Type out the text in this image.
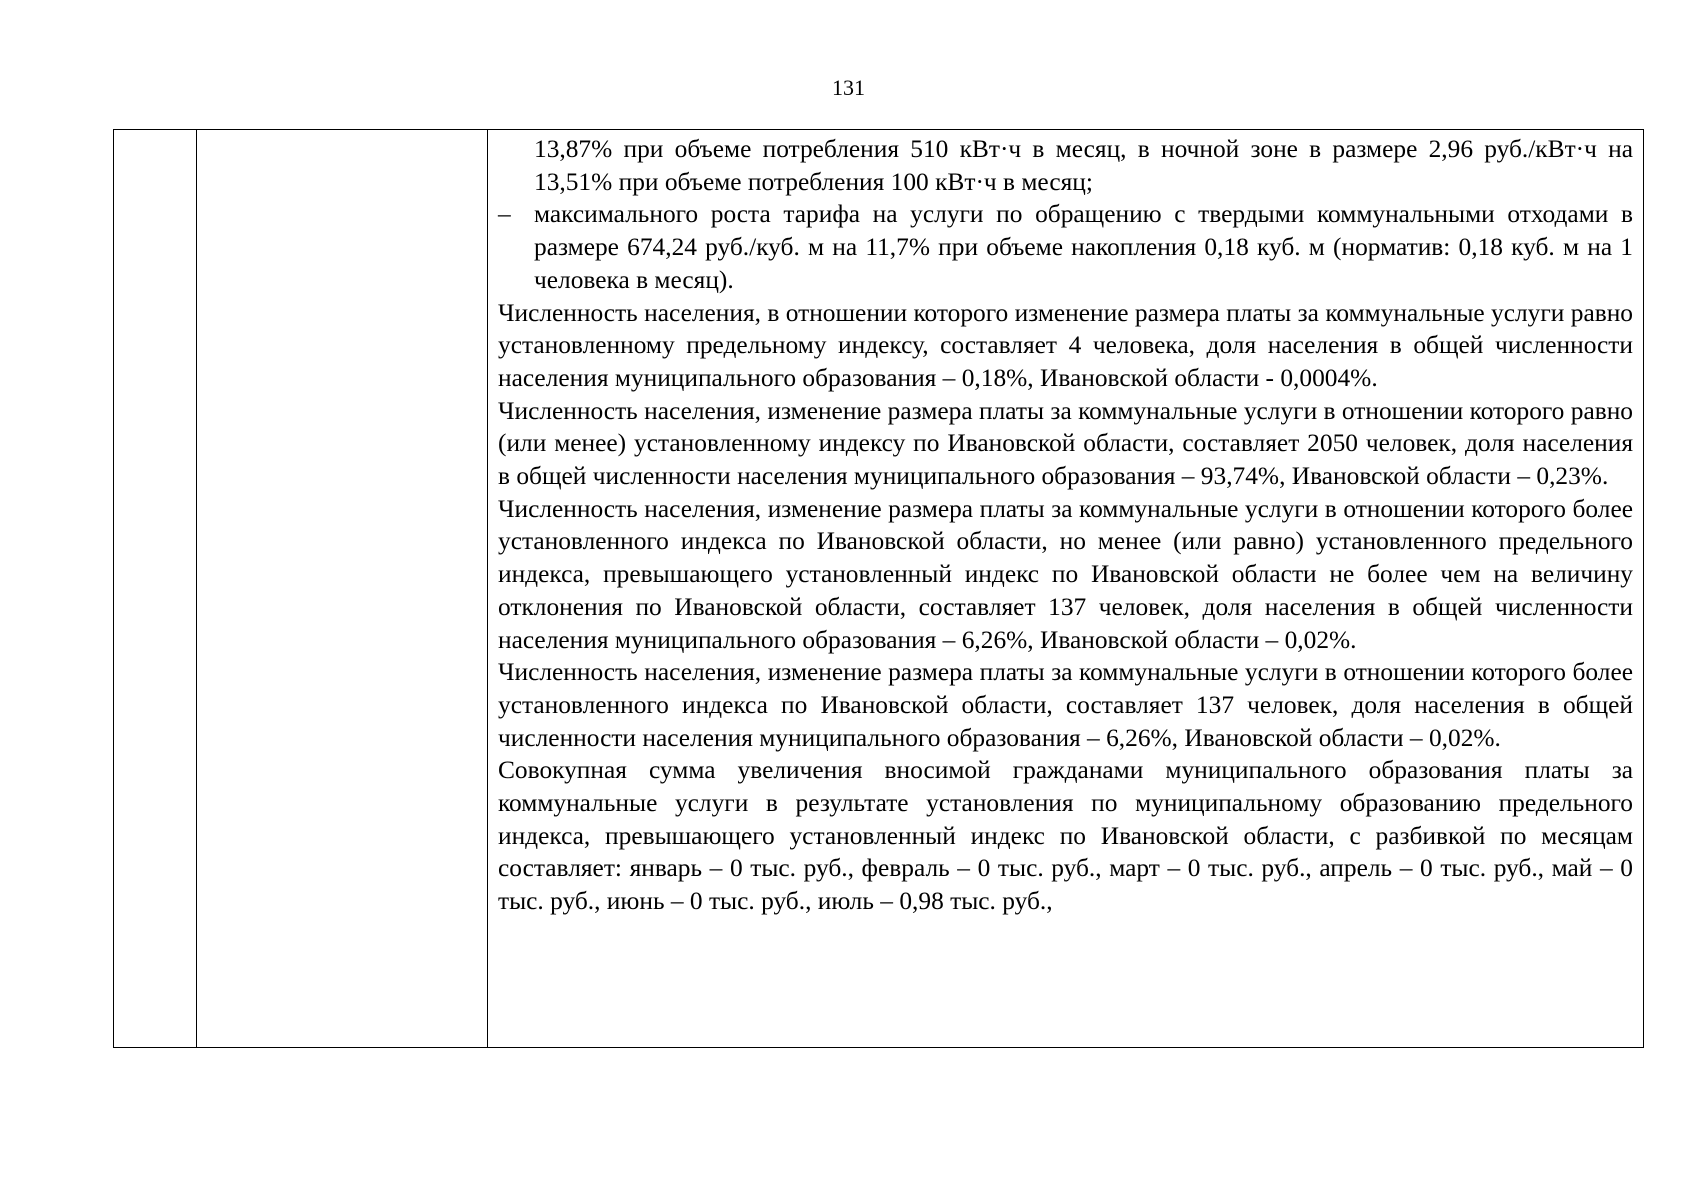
131

13,87% при объеме потребления 510 кВт·ч в месяц, в ночной зоне в размере 2,96 руб./кВт·ч на 13,51% при объеме потребления 100 кВт·ч в месяц;

– максимального роста тарифа на услуги по обращению с твердыми коммунальными отходами в размере 674,24 руб./куб. м на 11,7% при объеме накопления 0,18 куб. м (норматив: 0,18 куб. м на 1 человека в месяц).

Численность населения, в отношении которого изменение размера платы за коммунальные услуги равно установленному предельному индексу, составляет 4 человека, доля населения в общей численности населения муниципального образования – 0,18%, Ивановской области - 0,0004%.

Численность населения, изменение размера платы за коммунальные услуги в отношении которого равно (или менее) установленному индексу по Ивановской области, составляет 2050 человек, доля населения в общей численности населения муниципального образования – 93,74%, Ивановской области – 0,23%.

Численность населения, изменение размера платы за коммунальные услуги в отношении которого более установленного индекса по Ивановской области, но менее (или равно) установленного предельного индекса, превышающего установленный индекс по Ивановской области не более чем на величину отклонения по Ивановской области, составляет 137 человек, доля населения в общей численности населения муниципального образования – 6,26%, Ивановской области – 0,02%.

Численность населения, изменение размера платы за коммунальные услуги в отношении которого более установленного индекса по Ивановской области, составляет 137 человек, доля населения в общей численности населения муниципального образования – 6,26%, Ивановской области – 0,02%.

Совокупная сумма увеличения вносимой гражданами муниципального образования платы за коммунальные услуги в результате установления по муниципальному образованию предельного индекса, превышающего установленный индекс по Ивановской области, с разбивкой по месяцам составляет: январь – 0 тыс. руб., февраль – 0 тыс. руб., март – 0 тыс. руб., апрель – 0 тыс. руб., май – 0 тыс. руб., июнь – 0 тыс. руб., июль – 0,98 тыс. руб.,
